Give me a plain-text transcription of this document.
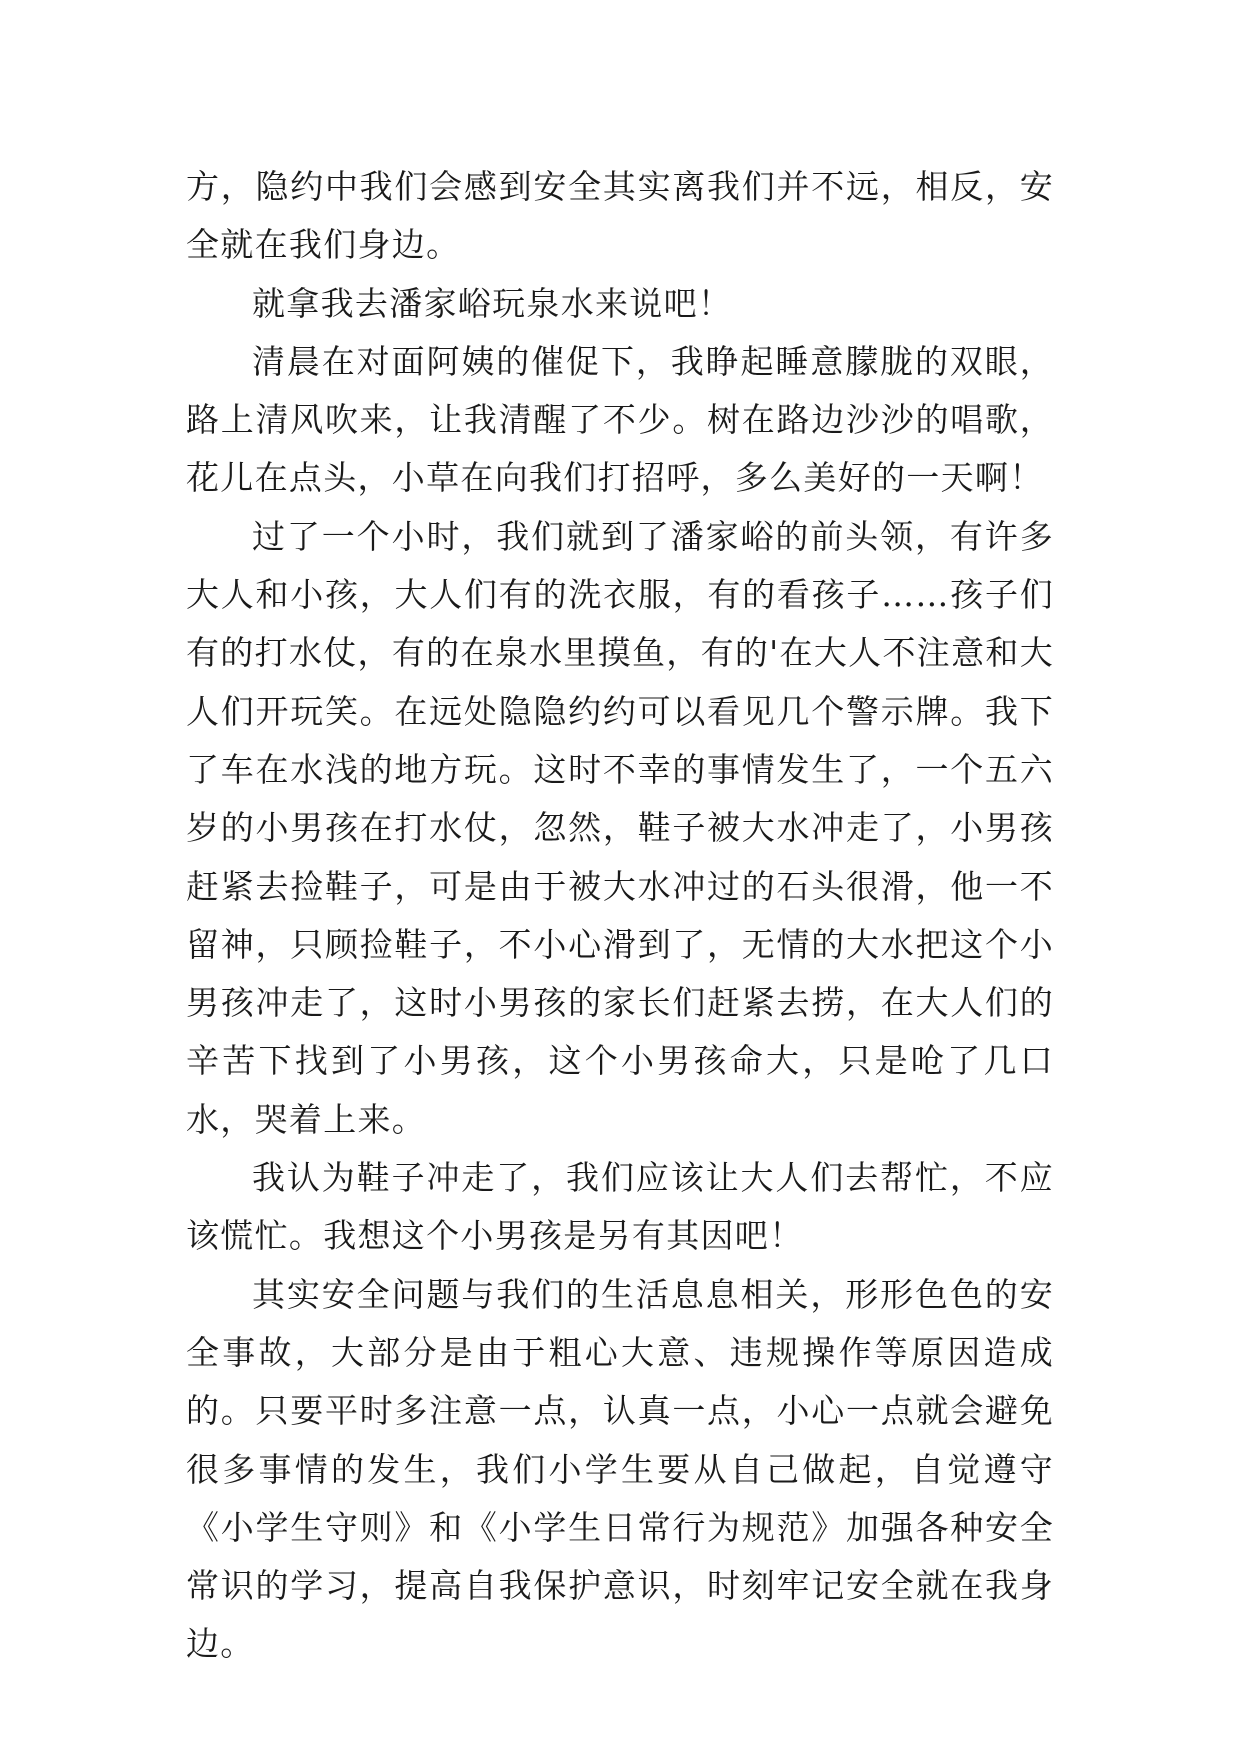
方，隐约中我们会感到安全其实离我们并不远，相反，安全就在我们身边。

就拿我去潘家峪玩泉水来说吧！

清晨在对面阿姨的催促下，我睁起睡意朦胧的双眼，路上清风吹来，让我清醒了不少。树在路边沙沙的唱歌，花儿在点头，小草在向我们打招呼，多么美好的一天啊！

过了一个小时，我们就到了潘家峪的前头领，有许多大人和小孩，大人们有的洗衣服，有的看孩子……孩子们有的打水仗，有的在泉水里摸鱼，有的'在大人不注意和大人们开玩笑。在远处隐隐约约可以看见几个警示牌。我下了车在水浅的地方玩。这时不幸的事情发生了，一个五六岁的小男孩在打水仗，忽然，鞋子被大水冲走了，小男孩赶紧去捡鞋子，可是由于被大水冲过的石头很滑，他一不留神，只顾捡鞋子，不小心滑到了，无情的大水把这个小男孩冲走了，这时小男孩的家长们赶紧去捞，在大人们的辛苦下找到了小男孩，这个小男孩命大，只是呛了几口水，哭着上来。

我认为鞋子冲走了，我们应该让大人们去帮忙，不应该慌忙。我想这个小男孩是另有其因吧！

其实安全问题与我们的生活息息相关，形形色色的安全事故，大部分是由于粗心大意、违规操作等原因造成的。只要平时多注意一点，认真一点，小心一点就会避免很多事情的发生，我们小学生要从自己做起，自觉遵守《小学生守则》和《小学生日常行为规范》加强各种安全常识的学习，提高自我保护意识，时刻牢记安全就在我身边。
